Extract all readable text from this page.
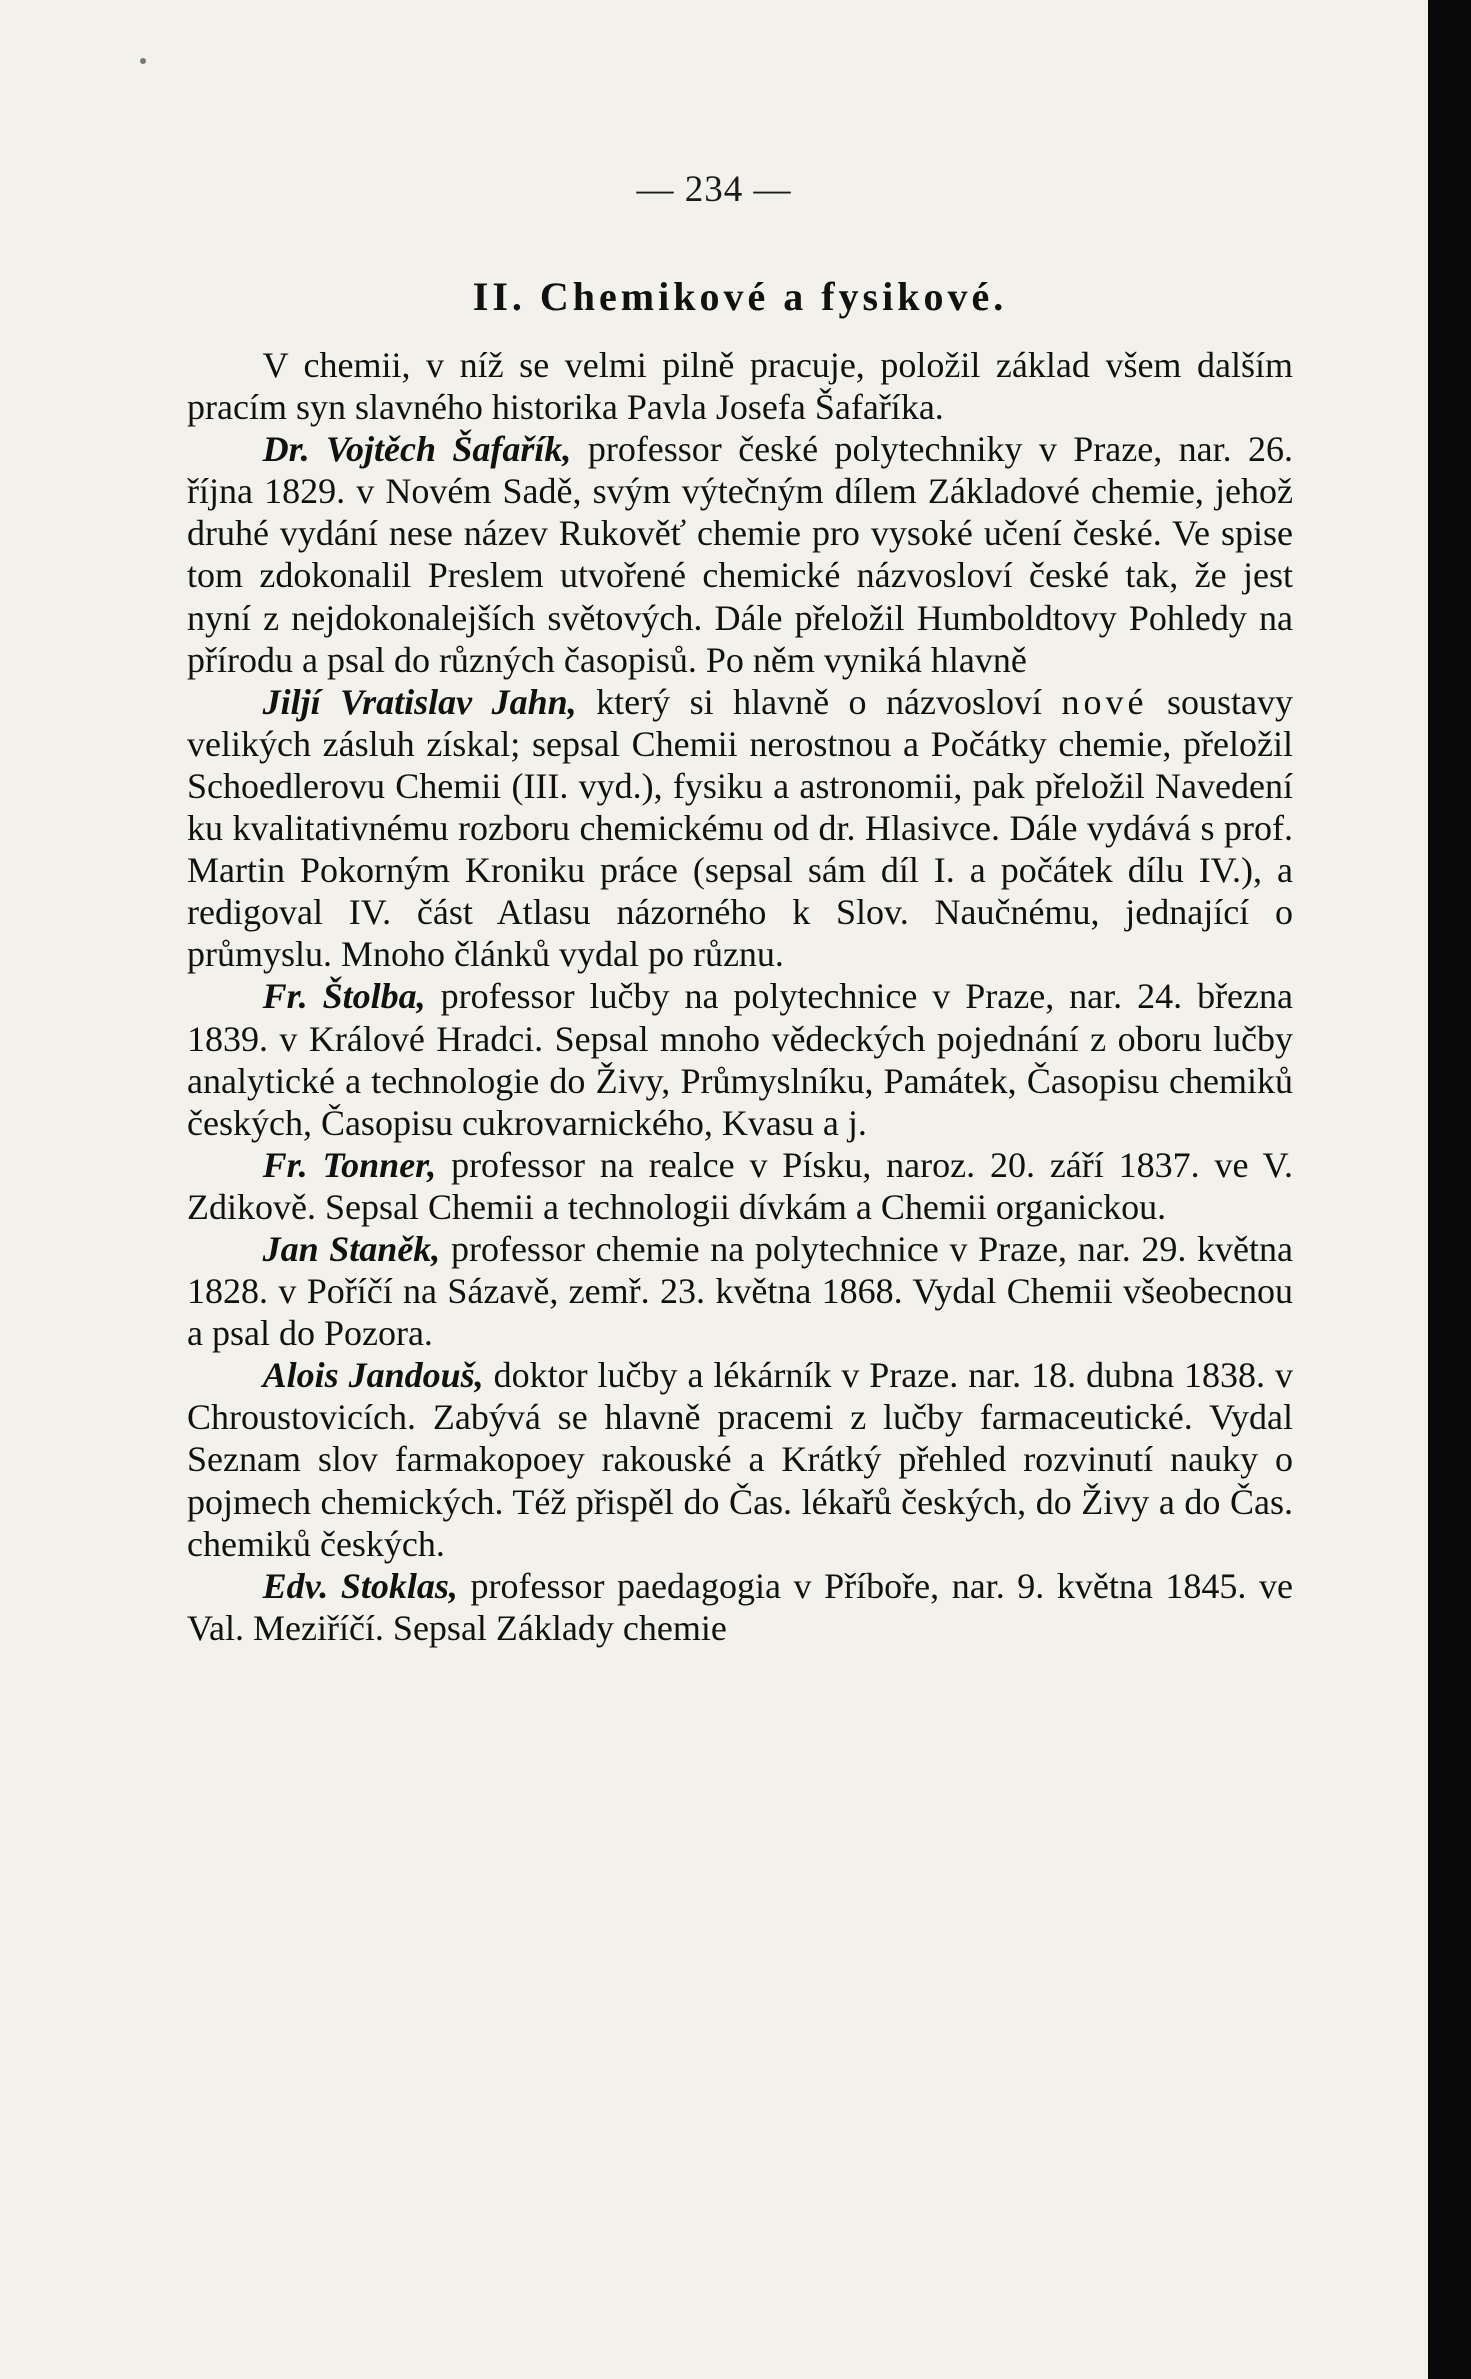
— 234 —
II. Chemikové a fysikové.

V chemii, v níž se velmi pilně pracuje, položil základ všem dalším pracím syn slavného historika Pavla Josefa Šafaříka.

Dr. Vojtěch Šafařík, professor české polytechniky v Praze, nar. 26. října 1829. v Novém Sadě, svým výtečným dílem Základové chemie, jehož druhé vydání nese název Rukověť chemie pro vysoké učení české. Ve spise tom zdokonalil Preslem utvořené chemické názvosloví české tak, že jest nyní z nejdokonalejších světových. Dále přeložil Humboldtovy Pohledy na přírodu a psal do různých časopisů. Po něm vyniká hlavně

Jiljí Vratislav Jahn, který si hlavně o názvosloví nové soustavy velikých zásluh získal; sepsal Chemii nerostnou a Počátky chemie, přeložil Schoedlerovu Chemii (III. vyd.), fysiku a astronomii, pak přeložil Navedení ku kvalitativnému rozboru chemickému od dr. Hlasivce. Dále vydává s prof. Martin Pokorným Kroniku práce (sepsal sám díl I. a počátek dílu IV.), a redigoval IV. část Atlasu názorného k Slov. Naučnému, jednající o průmyslu. Mnoho článků vydal po různu.

Fr. Štolba, professor lučby na polytechnice v Praze, nar. 24. března 1839. v Králové Hradci. Sepsal mnoho vědeckých pojednání z oboru lučby analytické a technologie do Živy, Průmyslníku, Památek, Časopisu chemiků českých, Časopisu cukrovarnického, Kvasu a j.

Fr. Tonner, professor na realce v Písku, naroz. 20. září 1837. ve V. Zdikově. Sepsal Chemii a technologii dívkám a Chemii organickou.

Jan Staněk, professor chemie na polytechnice v Praze, nar. 29. května 1828. v Poříčí na Sázavě, zemř. 23. května 1868. Vydal Chemii všeobecnou a psal do Pozora.

Alois Jandouš, doktor lučby a lékárník v Praze. nar. 18. dubna 1838. v Chroustovicích. Zabývá se hlavně pracemi z lučby farmaceutické. Vydal Seznam slov farmakopoey rakouské a Krátký přehled rozvinutí nauky o pojmech chemických. Též přispěl do Čas. lékařů českých, do Živy a do Čas. chemiků českých.

Edv. Stoklas, professor paedagogia v Příboře, nar. 9. května 1845. ve Val. Meziříčí. Sepsal Základy chemie
